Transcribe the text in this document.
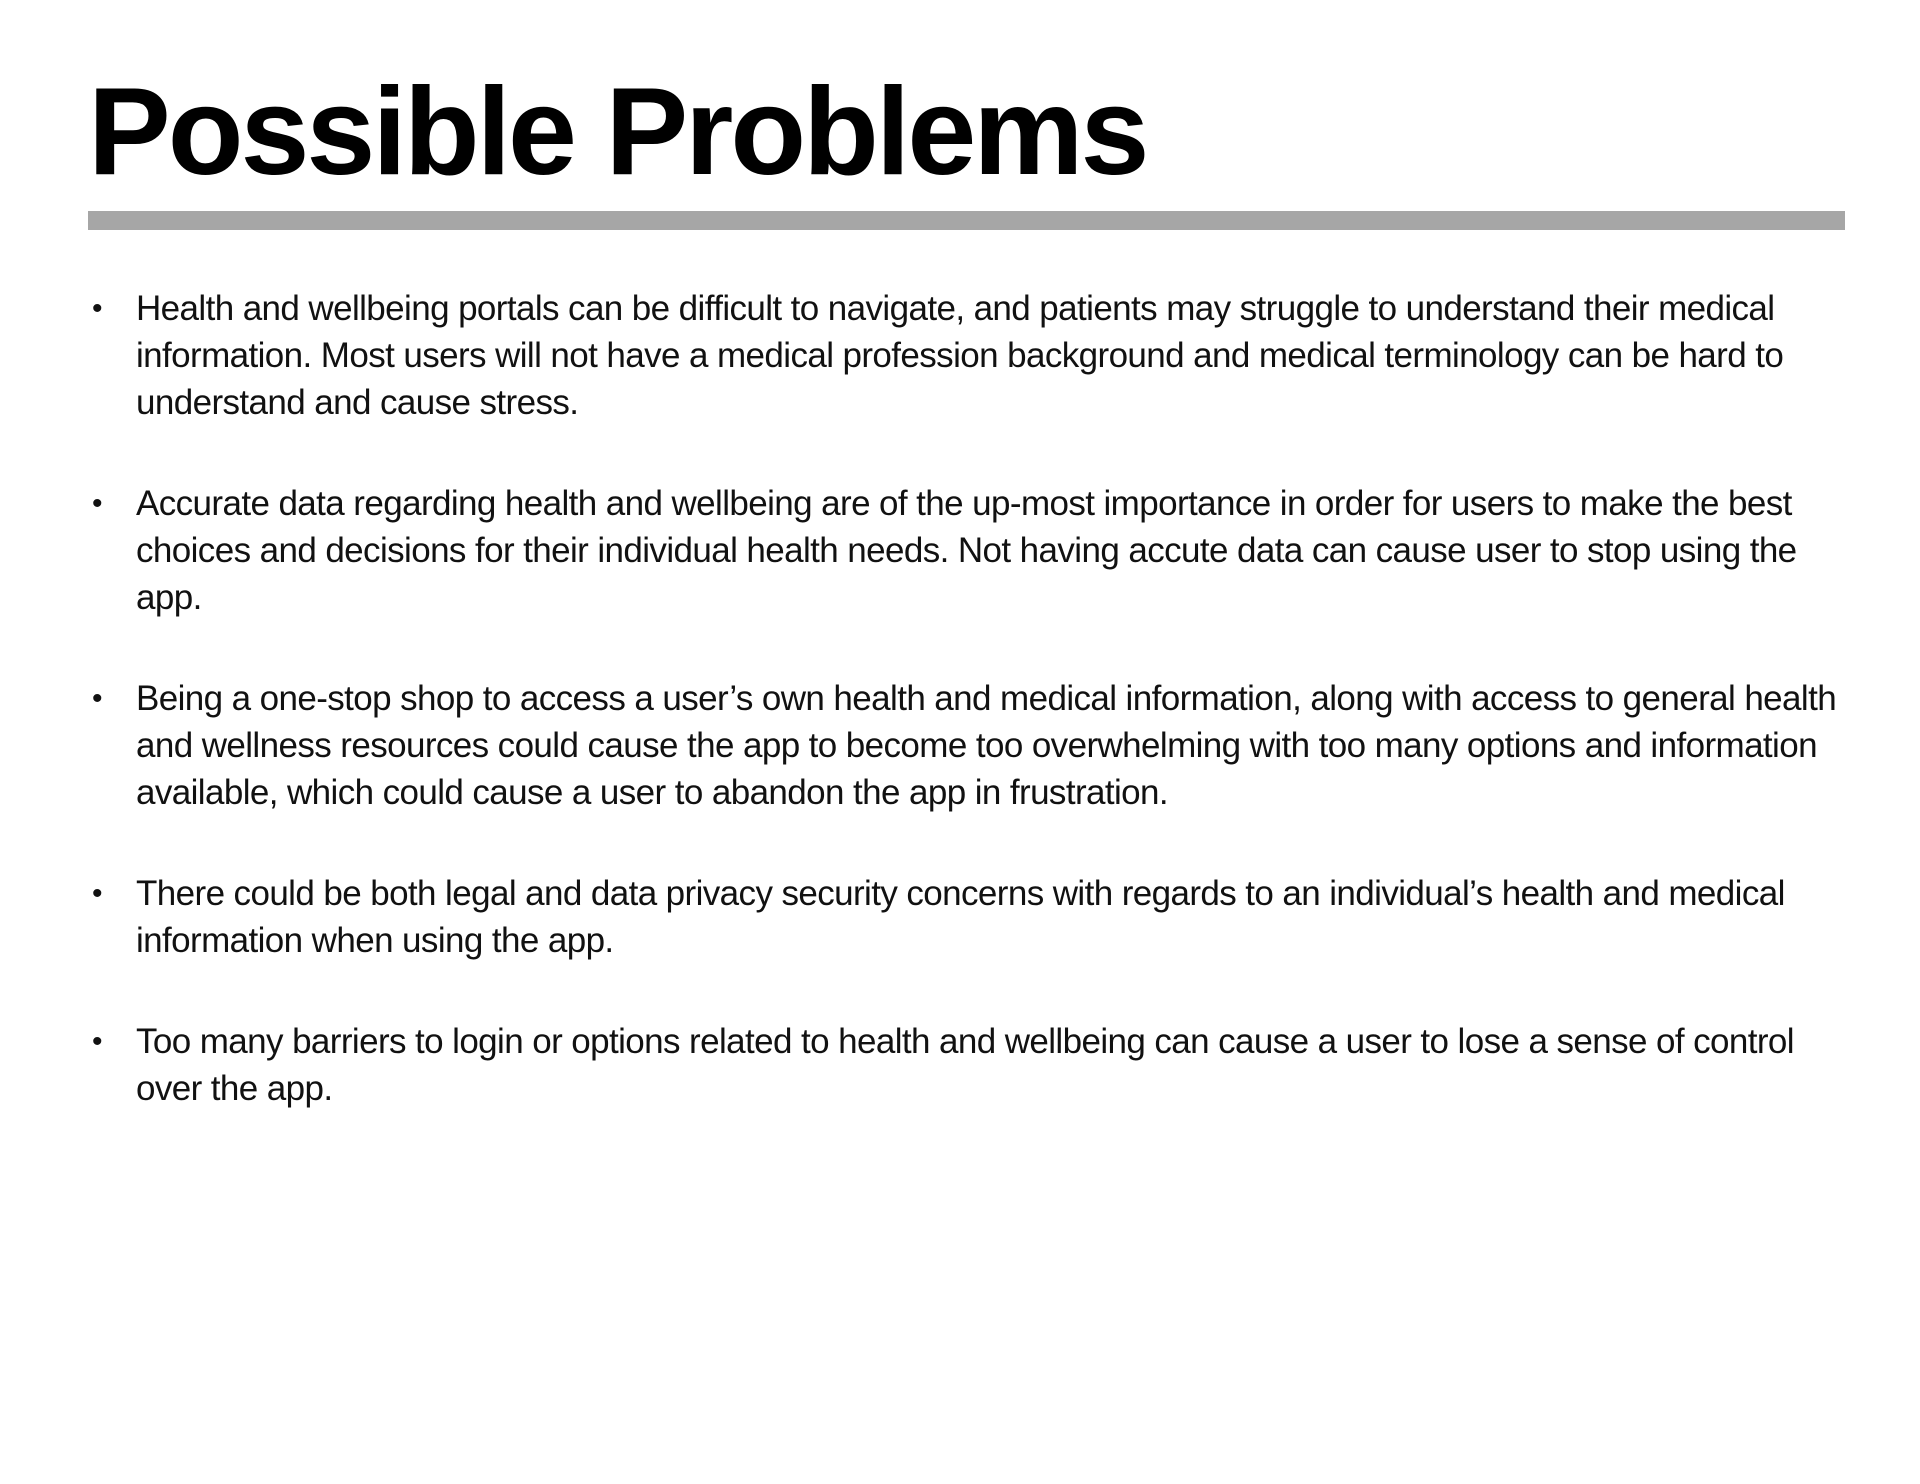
Possible Problems
• Health and wellbeing portals can be difficult to navigate, and patients may struggle to understand their medical information. Most users will not have a medical profession background and medical terminology can be hard to understand and cause stress.
• Accurate data regarding health and wellbeing are of the up-most importance in order for users to make the best choices and decisions for their individual health needs. Not having accute data can cause user to stop using the app.
• Being a one-stop shop to access a user’s own health and medical information, along with access to general health and wellness resources could cause the app to become too overwhelming with too many options and information available, which could cause a user to abandon the app in frustration.
• There could be both legal and data privacy security concerns with regards to an individual’s health and medical information when using the app.
• Too many barriers to login or options related to health and wellbeing can cause a user to lose a sense of control over the app.
